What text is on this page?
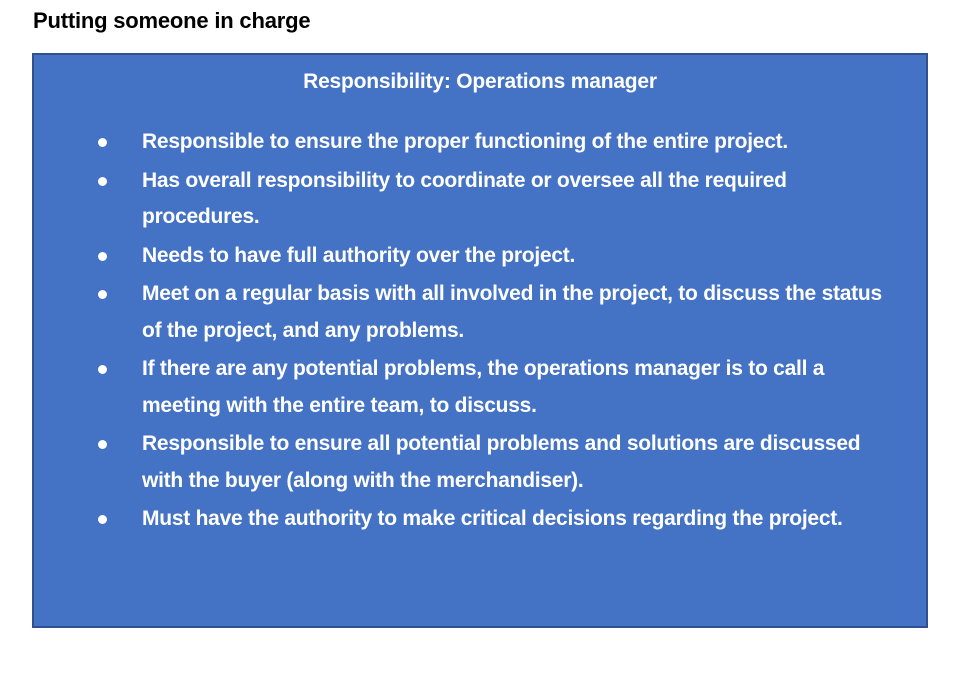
Putting someone in charge
Responsibility: Operations manager
Responsible to ensure the proper functioning of the entire project.
Has overall responsibility to coordinate or oversee all the required procedures.
Needs to have full authority over the project.
Meet on a regular basis with all involved in the project, to discuss the status of the project, and any problems.
If there are any potential problems, the operations manager is to call a meeting with the entire team, to discuss.
Responsible to ensure all potential problems and solutions are discussed with the buyer (along with the merchandiser).
Must have the authority to make critical decisions regarding the project.
